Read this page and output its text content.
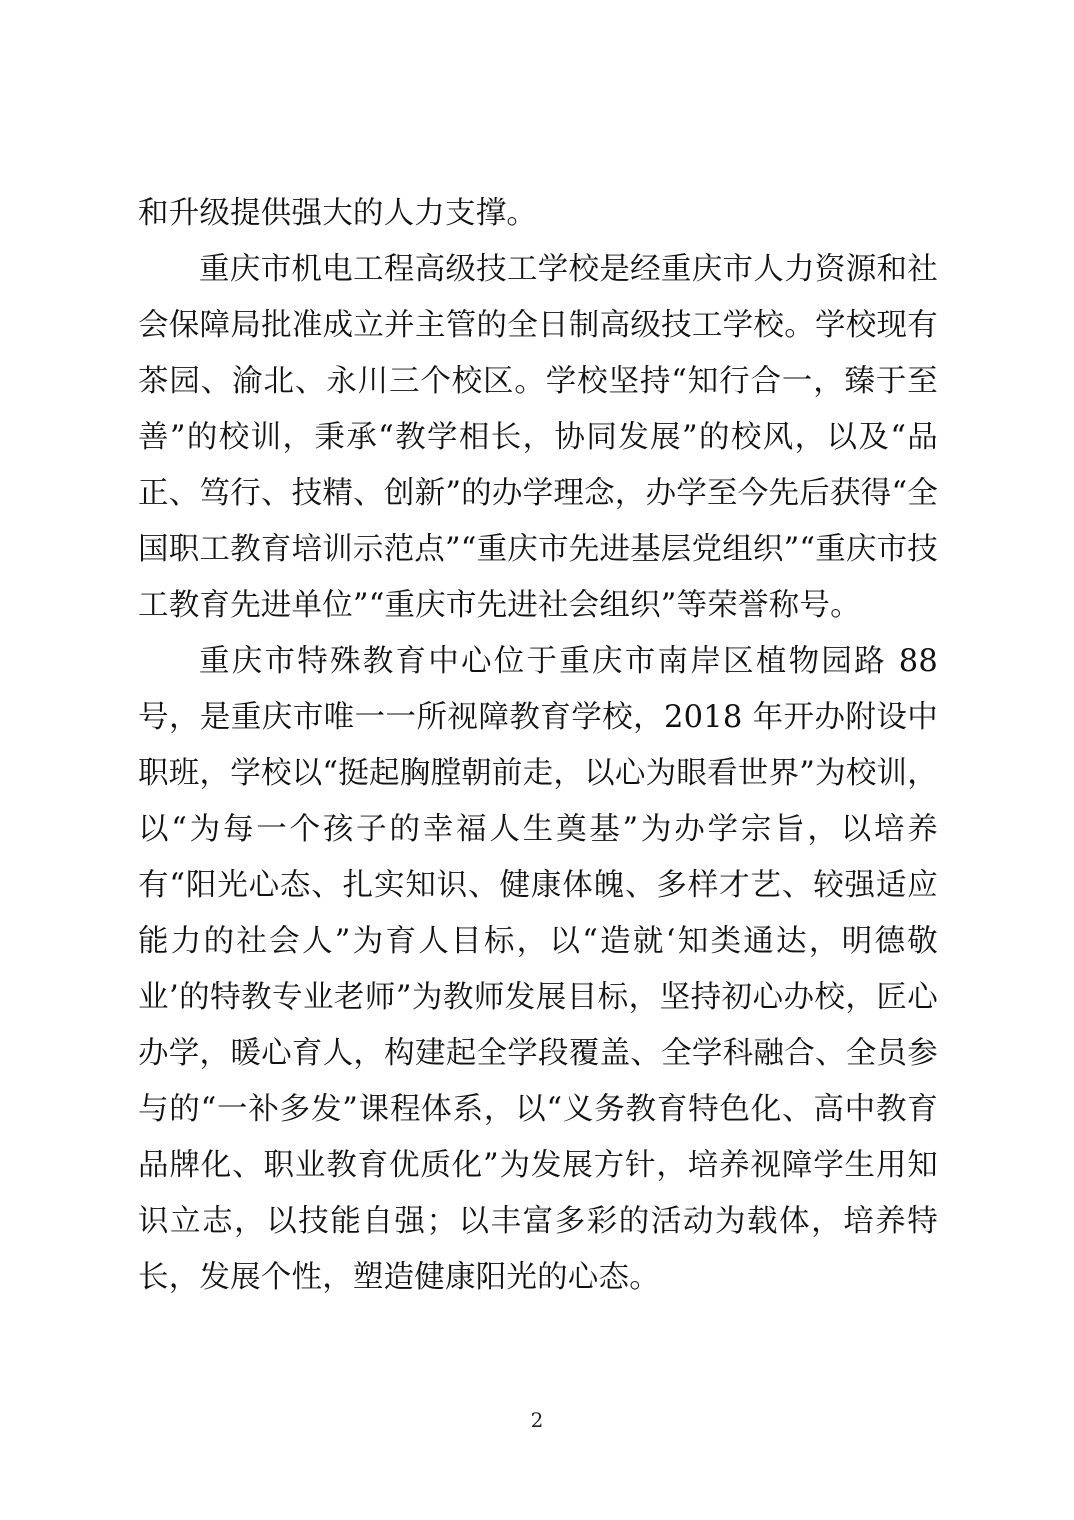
和升级提供强大的人力支撑。

重庆市机电工程高级技工学校是经重庆市人力资源和社会保障局批准成立并主管的全日制高级技工学校。学校现有茶园、渝北、永川三个校区。学校坚持“知行合一，臻于至善”的校训，秉承“教学相长，协同发展”的校风，以及“品正、笃行、技精、创新”的办学理念，办学至今先后获得“全国职工教育培训示范点”“重庆市先进基层党组织”“重庆市技工教育先进单位”“重庆市先进社会组织”等荣誉称号。

重庆市特殊教育中心位于重庆市南岸区植物园路 88 号，是重庆市唯一一所视障教育学校，2018 年开办附设中职班，学校以“挺起胸膛朝前走，以心为眼看世界”为校训，以“为每一个孩子的幸福人生奠基”为办学宗旨，以培养有“阳光心态、扎实知识、健康体魄、多样才艺、较强适应能力的社会人”为育人目标，以“造就‘知类通达，明德敬业’的特教专业老师”为教师发展目标，坚持初心办校，匠心办学，暖心育人，构建起全学段覆盖、全学科融合、全员参与的“一补多发”课程体系，以“义务教育特色化、高中教育品牌化、职业教育优质化”为发展方针，培养视障学生用知识立志，以技能自强；以丰富多彩的活动为载体，培养特长，发展个性，塑造健康阳光的心态。

2
